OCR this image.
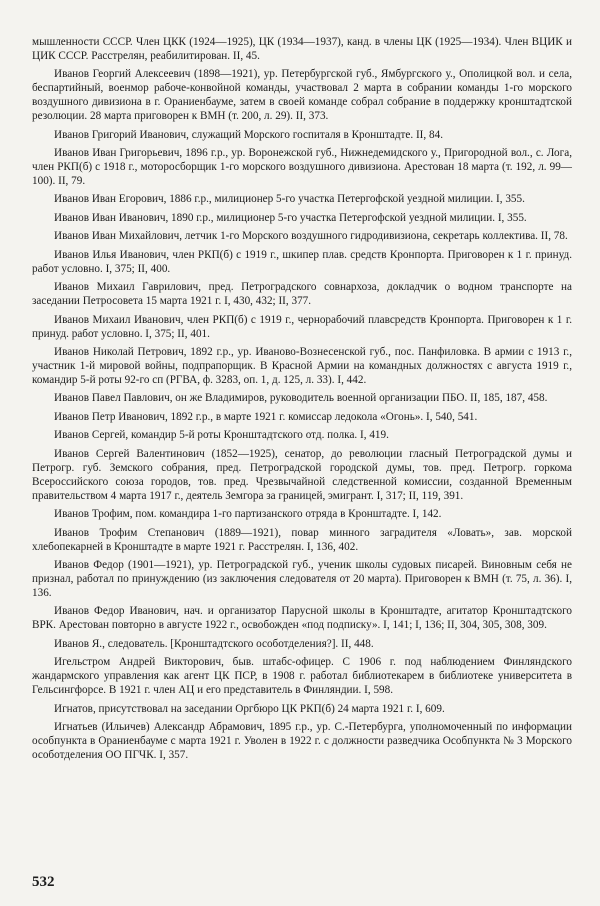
мышленности СССР. Член ЦКК (1924—1925), ЦК (1934—1937), канд. в члены ЦК (1925—1934). Член ВЦИК и ЦИК СССР. Расстрелян, реабилитирован. II, 45.

Иванов Георгий Алексеевич (1898—1921), ур. Петербургской губ., Ямбургского у., Ополицкой вол. и села, беспартийный, военмор рабоче-конвойной команды, участвовал 2 марта в собрании команды 1-го морского воздушного дивизиона в г. Ораниенбауме, затем в своей команде собрал собрание в поддержку кронштадтской резолюции. 28 марта приговорен к ВМН (т. 200, л. 29). II, 373.

Иванов Григорий Иванович, служащий Морского госпиталя в Кронштадте. II, 84.

Иванов Иван Григорьевич, 1896 г.р., ур. Воронежской губ., Нижнедемидского у., Пригородной вол., с. Лога, член РКП(б) с 1918 г., моторосборщик 1-го морского воздушного дивизиона. Арестован 18 марта (т. 192, л. 99—100). II, 79.

Иванов Иван Егорович, 1886 г.р., милиционер 5-го участка Петергофской уездной милиции. I, 355.

Иванов Иван Иванович, 1890 г.р., милиционер 5-го участка Петергофской уездной милиции. I, 355.

Иванов Иван Михайлович, летчик 1-го Морского воздушного гидродивизиона, секретарь коллектива. II, 78.

Иванов Илья Иванович, член РКП(б) с 1919 г., шкипер плав. средств Кронпорта. Приговорен к 1 г. принуд. работ условно. I, 375; II, 400.

Иванов Михаил Гаврилович, пред. Петроградского совнархоза, докладчик о водном транспорте на заседании Петросовета 15 марта 1921 г. I, 430, 432; II, 377.

Иванов Михаил Иванович, член РКП(б) с 1919 г., чернорабочий плавсредств Кронпорта. Приговорен к 1 г. принуд. работ условно. I, 375; II, 401.

Иванов Николай Петрович, 1892 г.р., ур. Иваново-Вознесенской губ., пос. Панфиловка. В армии с 1913 г., участник 1-й мировой войны, подпрапорщик. В Красной Армии на командных должностях с августа 1919 г., командир 5-й роты 92-го сп (РГВА, ф. 3283, оп. 1, д. 125, л. 33). I, 442.

Иванов Павел Павлович, он же Владимиров, руководитель военной организации ПБО. II, 185, 187, 458.

Иванов Петр Иванович, 1892 г.р., в марте 1921 г. комиссар ледокола «Огонь». I, 540, 541.

Иванов Сергей, командир 5-й роты Кронштадтского отд. полка. I, 419.

Иванов Сергей Валентинович (1852—1925), сенатор, до революции гласный Петроградской думы и Петрогр. губ. Земского собрания, пред. Петроградской городской думы, тов. пред. Петрогр. горкома Всероссийского союза городов, тов. пред. Чрезвычайной следственной комиссии, созданной Временным правительством 4 марта 1917 г., деятель Земгора за границей, эмигрант. I, 317; II, 119, 391.

Иванов Трофим, пом. командира 1-го партизанского отряда в Кронштадте. I, 142.

Иванов Трофим Степанович (1889—1921), повар минного заградителя «Ловать», зав. морской хлебопекарней в Кронштадте в марте 1921 г. Расстрелян. I, 136, 402.

Иванов Федор (1901—1921), ур. Петроградской губ., ученик школы судовых писарей. Виновным себя не признал, работал по принуждению (из заключения следователя от 20 марта). Приговорен к ВМН (т. 75, л. 36). I, 136.

Иванов Федор Иванович, нач. и организатор Парусной школы в Кронштадте, агитатор Кронштадтского ВРК. Арестован повторно в августе 1922 г., освобожден «под подписку». I, 141; I, 136; II, 304, 305, 308, 309.

Иванов Я., следователь. [Кронштадтского особотделения?]. II, 448.

Игельстром Андрей Викторович, быв. штабс-офицер. С 1906 г. под наблюдением Финляндского жандармского управления как агент ЦК ПСР, в 1908 г. работал библиотекарем в библиотеке университета в Гельсингфорсе. В 1921 г. член АЦ и его представитель в Финляндии. I, 598.

Игнатов, присутствовал на заседании Оргбюро ЦК РКП(б) 24 марта 1921 г. I, 609.

Игнатьев (Ильичев) Александр Абрамович, 1895 г.р., ур. С.-Петербурга, уполномоченный по информации особпункта в Ораниенбауме с марта 1921 г. Уволен в 1922 г. с должности разведчика Особпункта № 3 Морского особотделения ОО ПГЧК. I, 357.

532
